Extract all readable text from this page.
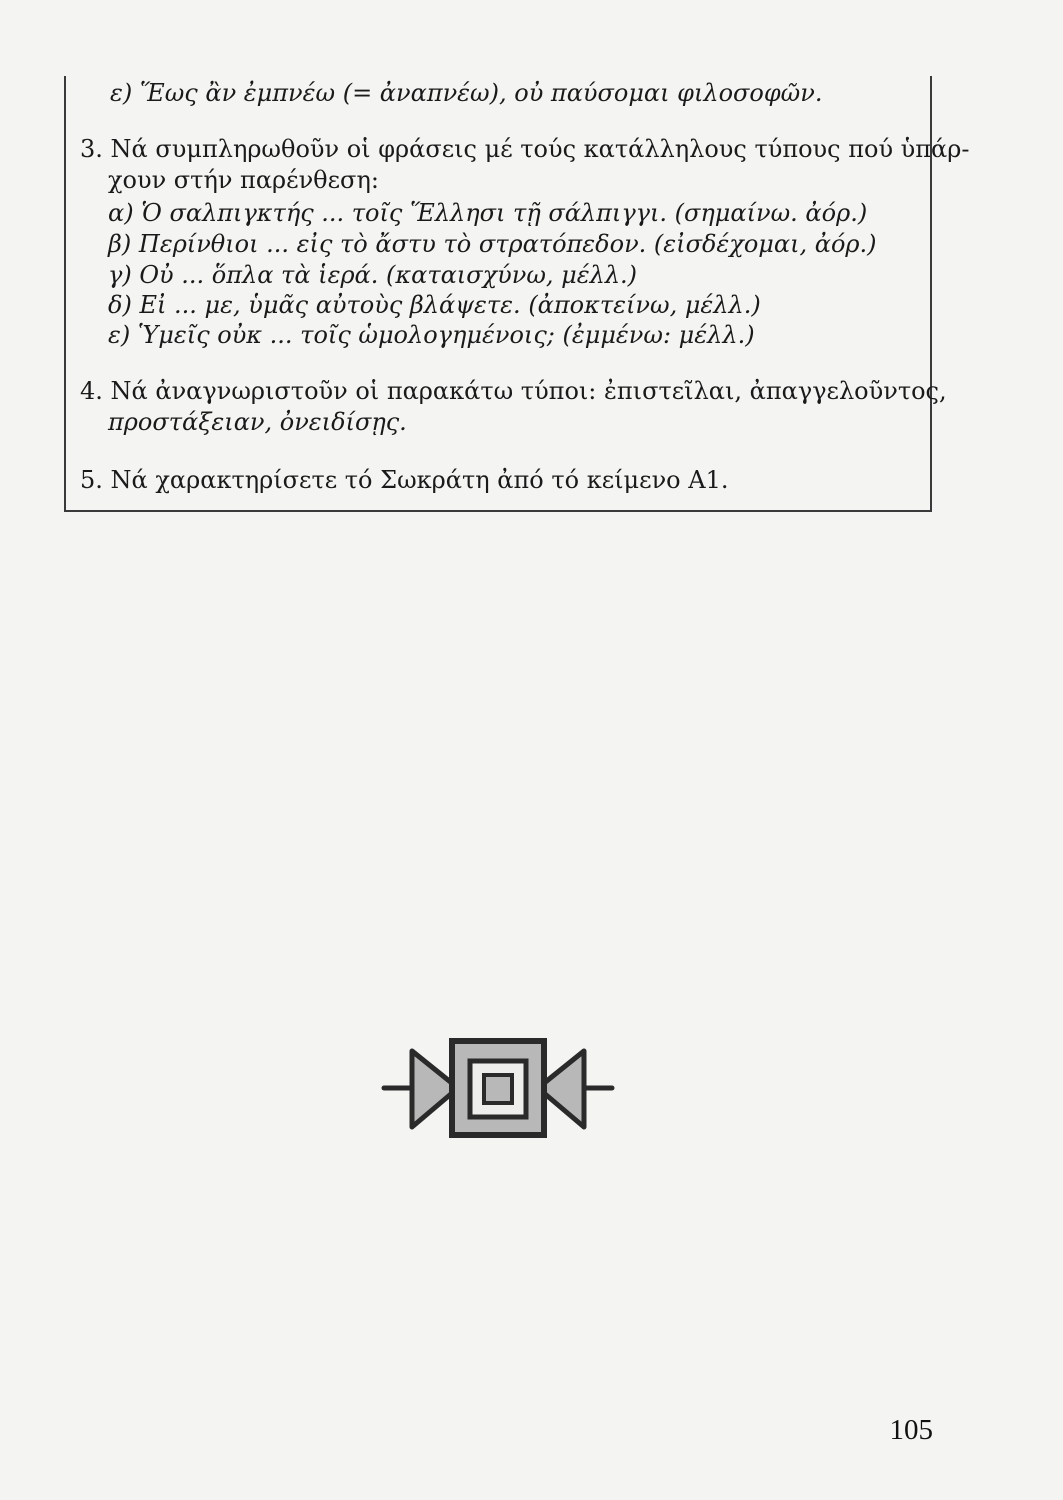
ε) Ἕως ἂν ἐμπνέω (= ἀναπνέω), οὐ παύσομαι φιλοσοφῶν.
3. Νά συμπληρωθοῦν οἱ φράσεις μέ τούς κατάλληλους τύπους πού ὑπάρ-
χουν στήν παρένθεση:
α) Ὁ σαλπιγκτής ... τοῖς Ἕλλησι τῇ σάλπιγγι. (σημαίνω. ἀόρ.)
β) Περίνθιοι ... εἰς τὸ ἄστυ τὸ στρατόπεδον. (εἰσδέχομαι, ἀόρ.)
γ) Οὐ ... ὅπλα τὰ ἱερά. (καταισχύνω, μέλλ.)
δ) Εἰ ... με, ὑμᾶς αὐτοὺς βλάψετε. (ἀποκτείνω, μέλλ.)
ε) Ὑμεῖς οὐκ ... τοῖς ὡμολογημένοις; (ἐμμένω: μέλλ.)
4. Νά ἀναγνωριστοῦν οἱ παρακάτω τύποι: ἐπιστεῖλαι, ἀπαγγελοῦντος,
προστάξειαν, ὀνειδίσῃς.
5. Νά χαρακτηρίσετε τό Σωκράτη ἀπό τό κείμενο Α1.
105
